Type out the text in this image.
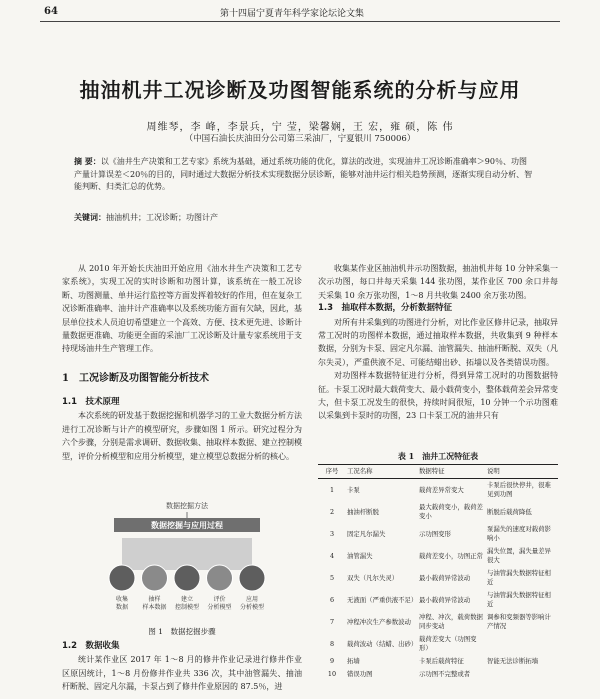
64	第十四届宁夏青年科学家论坛论文集
抽油机井工况诊断及功图智能系统的分析与应用
周维琴，李 峰，李景兵，宁 莹，梁馨娴，王 宏，雍 硕，陈 伟
（中国石油长庆油田分公司第三采油厂，宁夏银川 750006）
摘 要：以《油井生产决策和工艺专家》系统为基础，通过系统功能的优化，算法的改进，实现油井工况诊断准确率＞90％、功图产量计算误差＜20％的目的，同时通过大数据分析技术实现数据分层诊断，能够对油井运行相关趋势预测，逐渐实现自动分析、智能判断、归类汇总的优势。
关键词：抽油机井；工况诊断；功图计产

从 2010 年开始长庆油田开始应用《油水井生产决策和工艺专家系统》，实现工况的实时诊断和功图计算，该系统在一般工况诊断、功图测量、单井运行监控等方面发挥着较好的作用，但在复杂工况诊断准确率、油井计产准确率以及系统功能方面有欠缺，因此，基层单位技术人员迫切希望建立一个高效、方便、技术更先进、诊断计量数据更准确、功能更全面的采油厂工况诊断及计量专家系统用于支持现场油井生产管理工作。

1　工况诊断及功图智能分析技术

1.1　技术原理

本次系统的研发基于数据挖掘和机器学习的工业大数据分析方法进行工况诊断与计产的模型研究，步骤如图 1 所示。研究过程分为六个步骤，分别是需求调研、数据收集、抽取样本数据、建立控制模型，评价分析模型和应用分析模型，建立模型总数据分析的核心。

数据挖掘方法
数据挖掘与应用过程
收集
数据
抽样
样本数据
建立
控制模型
评价
分析模型
应用
分析模型
图 1　数据挖掘步骤

1.2　数据收集

统计某作业区 2017 年 1～8 月的修井作业记录进行修井作业区原因统计，1～8 月份修井作业共 336 次，其中油管漏失、抽油杆断脱、固定凡尔漏，卡泵占到了修井作业原因的 87.5％，进

收集某作业区抽油机井示功图数据，抽油机井每 10 分钟采集一次示功图，每口井每天采集 144 张功图，某作业区 700 余口井每天采集 10 余万张功图，1～8 月共收集 2400 余万张功图。

1.3　抽取样本数据，分析数据特征

对所有井采集到的功图进行分析，对比作业区修井记录，抽取异常工况时的功图样本数据，通过抽取样本数据，共收集到 9 种样本数据，分别为卡泵、固定凡尔漏、油管漏失、抽油杆断脱、双失（凡尔失灵），严重供液不足、可能结蜡出砂、拓墙以及各类错误功图。

对功图样本数据特征进行分析，得到异常工况时的功图数据特征。卡泵工况时最大载荷变大、最小载荷变小，整体载荷差会异常变大，但卡泵工况发生的很快，持续时间很短，10 分钟一个示功图难以采集到卡泵时的功图，23 口卡泵工况的油井只有

表 1　油井工况特征表
序号	工况名称	数据特征	说明
1	卡泵	载荷差异常变大	卡泵后很快停井，很难见到功图
2	抽油杆断脱	最大载荷变小，载荷差变小	断脱后载荷降低
3	固定凡尔漏失	示功图变形	泵漏失的速度对载荷影响小
4	油管漏失	载荷差变小，功图正常	漏失位置，漏失量差异很大
5	双失（凡尔失灵）	最小载荷异常波动	与油管漏失数据特征相近
6	无液面（严重供液不足）	最小载荷异常波动	与油管漏失数据特征相近
7	冲程冲次生产参数波动	冲程、冲次，载荷数据同步变动	调参和变频器等影响计产情况
8	载荷波动（结蜡、出砂）	载荷差变大（功图变形）	
9	拓墙	卡泵后载荷特征	智能无法诊断拓墙
10	错误功图	示功图不完整或者	
